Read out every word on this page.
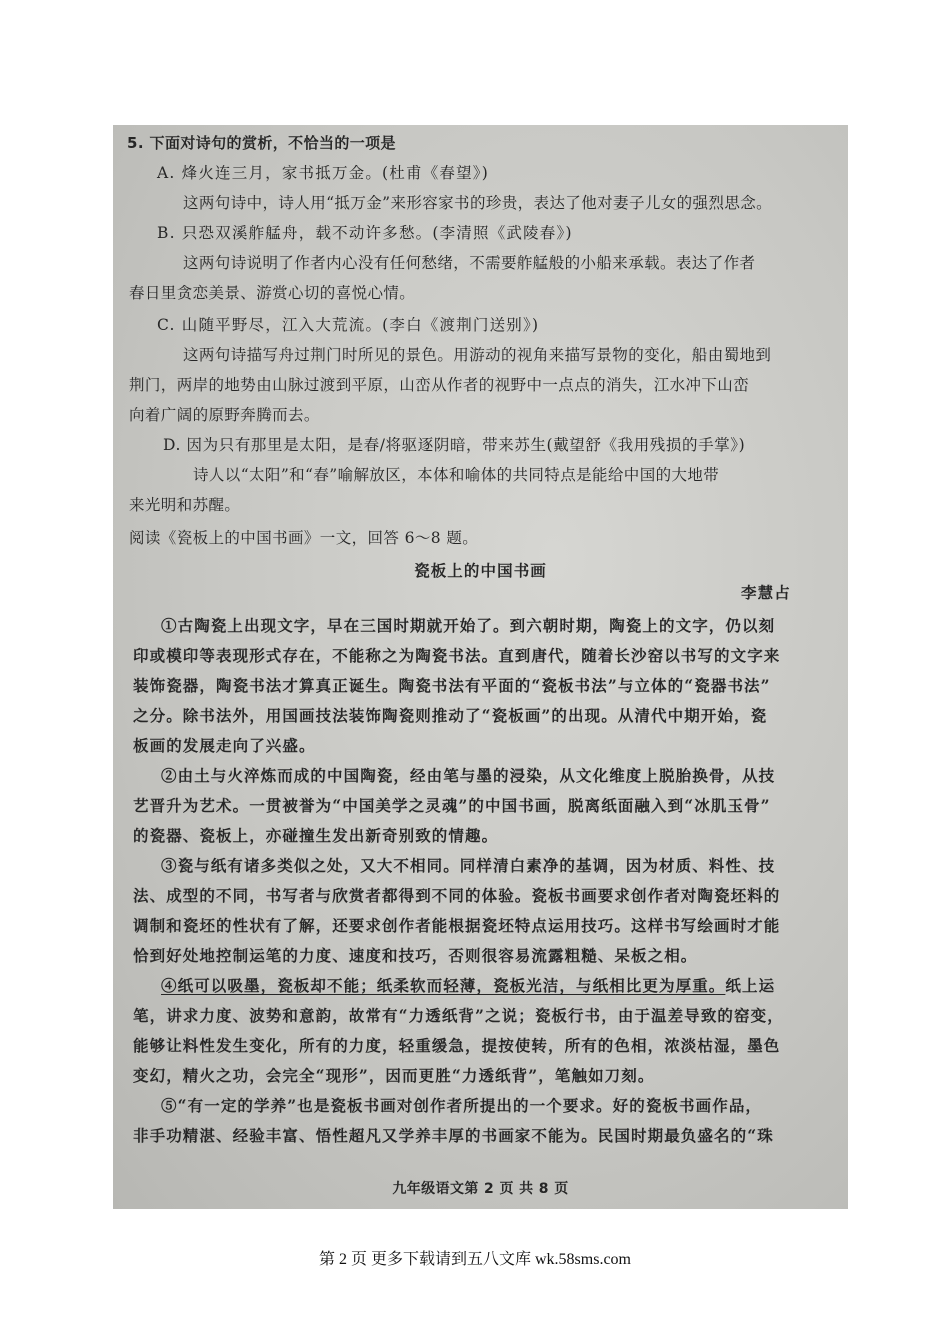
5. 下面对诗句的赏析，不恰当的一项是
A. 烽火连三月，家书抵万金。(杜甫《春望》)
这两句诗中，诗人用“抵万金”来形容家书的珍贵，表达了他对妻子儿女的强烈思念。
B. 只恐双溪舴艋舟，载不动许多愁。(李清照《武陵春》)
这两句诗说明了作者内心没有任何愁绪，不需要舴艋般的小船来承载。表达了作者
春日里贪恋美景、游赏心切的喜悦心情。
C. 山随平野尽，江入大荒流。(李白《渡荆门送别》)
这两句诗描写舟过荆门时所见的景色。用游动的视角来描写景物的变化，船由蜀地到
荆门，两岸的地势由山脉过渡到平原，山峦从作者的视野中一点点的消失，江水冲下山峦
向着广阔的原野奔腾而去。
D. 因为只有那里是太阳，是春/将驱逐阴暗，带来苏生(戴望舒《我用残损的手掌》)
诗人以“太阳”和“春”喻解放区，本体和喻体的共同特点是能给中国的大地带
来光明和苏醒。
阅读《瓷板上的中国书画》一文，回答 6～8 题。
瓷板上的中国书画
李慧占
①古陶瓷上出现文字，早在三国时期就开始了。到六朝时期，陶瓷上的文字，仍以刻
印或模印等表现形式存在，不能称之为陶瓷书法。直到唐代，随着长沙窑以书写的文字来
装饰瓷器，陶瓷书法才算真正诞生。陶瓷书法有平面的“瓷板书法”与立体的“瓷器书法”
之分。除书法外，用国画技法装饰陶瓷则推动了“瓷板画”的出现。从清代中期开始，瓷
板画的发展走向了兴盛。
②由土与火淬炼而成的中国陶瓷，经由笔与墨的浸染，从文化维度上脱胎换骨，从技
艺晋升为艺术。一贯被誉为“中国美学之灵魂”的中国书画，脱离纸面融入到“冰肌玉骨”
的瓷器、瓷板上，亦碰撞生发出新奇别致的情趣。
③瓷与纸有诸多类似之处，又大不相同。同样清白素净的基调，因为材质、料性、技
法、成型的不同，书写者与欣赏者都得到不同的体验。瓷板书画要求创作者对陶瓷坯料的
调制和瓷坯的性状有了解，还要求创作者能根据瓷坯特点运用技巧。这样书写绘画时才能
恰到好处地控制运笔的力度、速度和技巧，否则很容易流露粗糙、呆板之相。
④纸可以吸墨，瓷板却不能；纸柔软而轻薄，瓷板光洁，与纸相比更为厚重。纸上运
笔，讲求力度、波势和意韵，故常有“力透纸背”之说；瓷板行书，由于温差导致的窑变，
能够让料性发生变化，所有的力度，轻重缓急，提按使转，所有的色相，浓淡枯湿，墨色
变幻，精火之功，会完全“现形”，因而更胜“力透纸背”，笔触如刀刻。
⑤“有一定的学养”也是瓷板书画对创作者所提出的一个要求。好的瓷板书画作品，
非手功精湛、经验丰富、悟性超凡又学养丰厚的书画家不能为。民国时期最负盛名的“珠
九年级语文第 2 页 共 8 页
第 2 页 更多下载请到五八文库 wk.58sms.com
